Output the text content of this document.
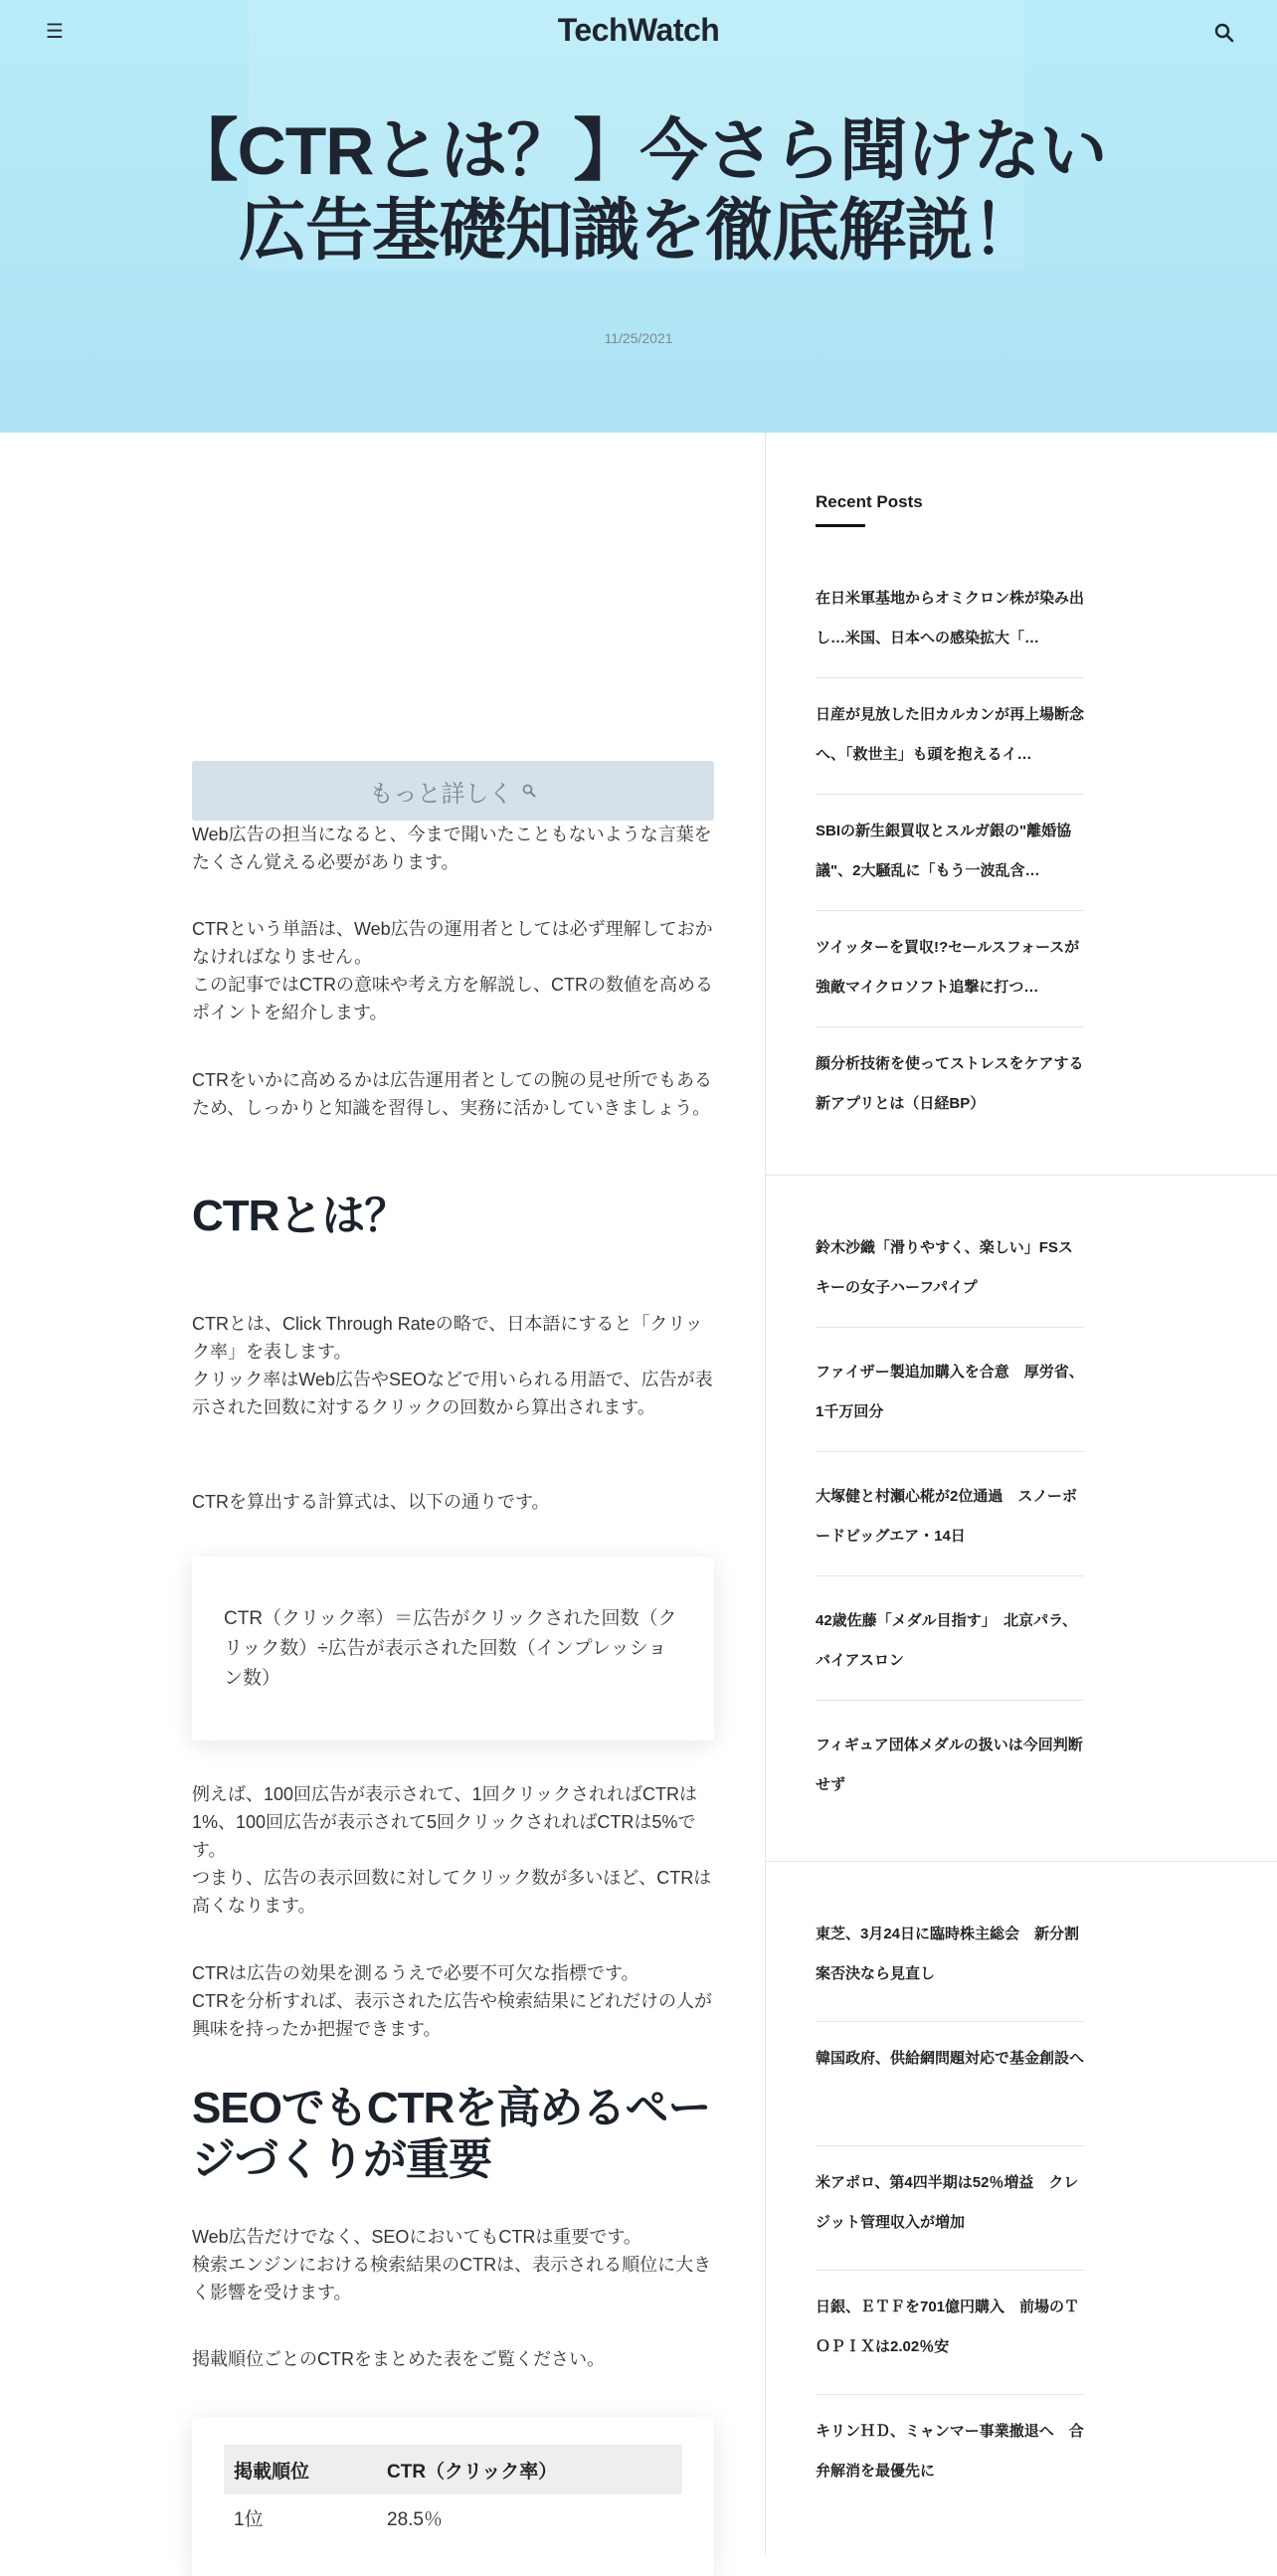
☰	TechWatch
【CTRとは？】今さら聞けない広告基礎知識を徹底解説！
11/25/2021
もっと詳しく

Web広告の担当になると、今まで聞いたこともないような言葉をたくさん覚える必要があります。

CTRという単語は、Web広告の運用者としては必ず理解しておかなければなりません。
この記事ではCTRの意味や考え方を解説し、CTRの数値を高めるポイントを紹介します。

CTRをいかに高めるかは広告運用者としての腕の見せ所でもあるため、しっかりと知識を習得し、実務に活かしていきましょう。

CTRとは？

CTRとは、Click Through Rateの略で、日本語にすると「クリック率」を表します。
クリック率はWeb広告やSEOなどで用いられる用語で、広告が表示された回数に対するクリックの回数から算出されます。

CTRを算出する計算式は、以下の通りです。

CTR（クリック率）＝広告がクリックされた回数（クリック数）÷広告が表示された回数（インプレッション数）

例えば、100回広告が表示されて、1回クリックされればCTRは1%、100回広告が表示されて5回クリックされればCTRは5%です。
つまり、広告の表示回数に対してクリック数が多いほど、CTRは高くなります。

CTRは広告の効果を測るうえで必要不可欠な指標です。
CTRを分析すれば、表示された広告や検索結果にどれだけの人が興味を持ったか把握できます。

SEOでもCTRを高めるページづくりが重要

Web広告だけでなく、SEOにおいてもCTRは重要です。
検索エンジンにおける検索結果のCTRは、表示される順位に大きく影響を受けます。

掲載順位ごとのCTRをまとめた表をご覧ください。

掲載順位	CTR（クリック率）
1位	28.5％
Recent Posts
在日米軍基地からオミクロン株が染み出し…米国、日本への感染拡大「…
日産が見放した旧カルカンが再上場断念へ、「救世主」も頭を抱えるイ…
SBIの新生銀買収とスルガ銀の"離婚協議"、2大騒乱に「もう一波乱含…
ツイッターを買収!?セールスフォースが強敵マイクロソフト追撃に打つ…
顔分析技術を使ってストレスをケアする新アプリとは（日経BP）
鈴木沙織「滑りやすく、楽しい」FSスキーの女子ハーフパイプ
ファイザー製追加購入を合意　厚労省、1千万回分
大塚健と村瀬心椛が2位通過　スノーボードビッグエア・14日
42歳佐藤「メダル目指す」　北京パラ、バイアスロン
フィギュア団体メダルの扱いは今回判断せず
東芝、3月24日に臨時株主総会　新分割案否決なら見直し
韓国政府、供給網問題対応で基金創設へ
米アポロ、第4四半期は52％増益　クレジット管理収入が増加
日銀、ＥＴＦを701億円購入　前場のＴＯＰＩＸは2.02％安
キリンＨＤ、ミャンマー事業撤退へ　合弁解消を最優先に
